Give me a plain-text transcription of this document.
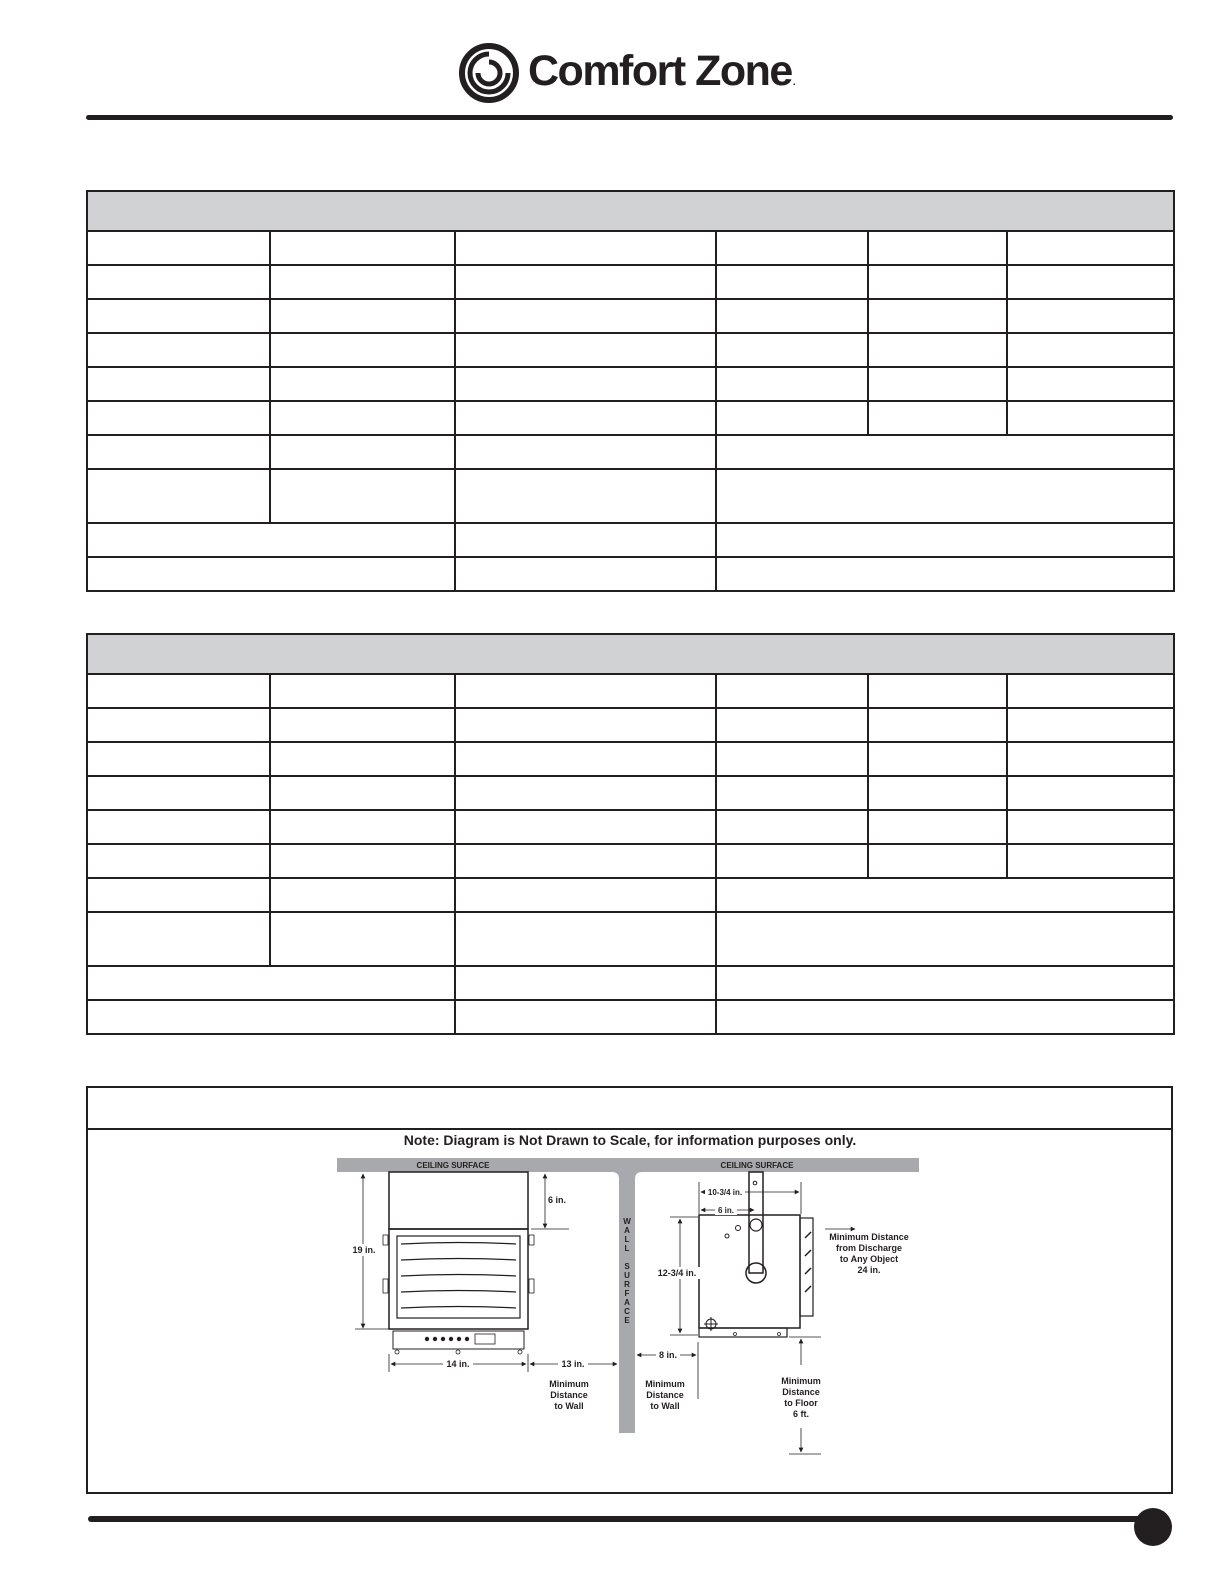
Comfort Zone.

Note: Diagram is Not Drawn to Scale, for information purposes only.
CEILING SURFACE	CEILING SURFACE
W
A
L
L
S
U
R
F
A
C
E
6 in.
19 in.
14 in.	13 in.
Minimum
Distance
to Wall
10-3/4 in.
6 in.
12-3/4 in.
8 in.
Minimum
Distance
to Wall
Minimum Distance
from Discharge
to Any Object
24 in.
Minimum
Distance
to Floor
6 ft.
